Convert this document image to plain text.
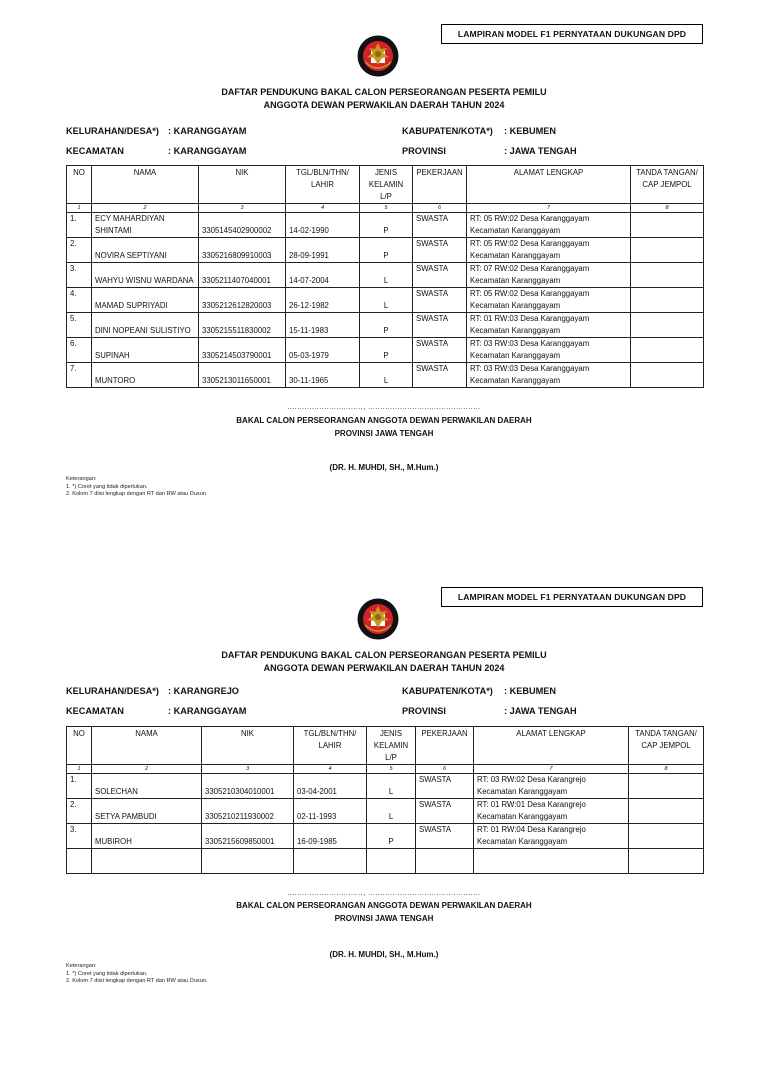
LAMPIRAN MODEL F1 PERNYATAAN DUKUNGAN DPD
DAFTAR PENDUKUNG BAKAL CALON PERSEORANGAN PESERTA PEMILU
ANGGOTA DEWAN PERWAKILAN DAERAH TAHUN 2024
KELURAHAN/DESA*) : KARANGGAYAM	KABUPATEN/KOTA*) : KEBUMEN
KECAMATAN	: KARANGGAYAM	PROVINSI	: JAWA TENGAH
NO	NAMA	NIK	TGL/BLN/THN/ LAHIR	JENIS KELAMIN L/P	PEKERJAAN	ALAMAT LENGKAP	TANDA TANGAN/ CAP JEMPOL
1	2	3	4	5	6	7	8
1.	ECY MAHARDIYAN SHINTAMI	3305145402900002	14-02-1990	P	SWASTA	RT: 05 RW:02 Desa Karanggayam
Kecamatan Karanggayam	

2.	NOVIRA SEPTIYANI	3305216809910003	28-09-1991	P	SWASTA	RT: 05 RW:02 Desa Karanggayam
Kecamatan Karanggayam	

3.	WAHYU WISNU WARDANA	3305211407040001	14-07-2004	L	SWASTA	RT: 07 RW:02 Desa Karanggayam
Kecamatan Karanggayam	

4.	MAMAD SUPRIYADI	3305212612820003	26-12-1982	L	SWASTA	RT: 05 RW:02 Desa Karanggayam
Kecamatan Karanggayam	

5.	DINI NOPEANI SULISTIYO	3305215511830002	15-11-1983	P	SWASTA	RT: 01 RW:03 Desa Karanggayam
Kecamatan Karanggayam	

6.	SUPINAH	3305214503790001	05-03-1979	P	SWASTA	RT: 03 RW:03 Desa Karanggayam
Kecamatan Karanggayam	

7.	MUNTORO	3305213011650001	30-11-1965	L	SWASTA	RT: 03 RW:03 Desa Karanggayam
Kecamatan Karanggayam	

..............................., ..............................................
BAKAL CALON PERSEORANGAN ANGGOTA DEWAN PERWAKILAN DAERAH
PROVINSI JAWA TENGAH
(DR. H. MUHDI, SH., M.Hum.)
Keterangan:
1. *) Coret yang tidak diperlukan.
2. Kolom 7 diisi lengkap dengan RT dan RW atau Dusun
LAMPIRAN MODEL F1 PERNYATAAN DUKUNGAN DPD
DAFTAR PENDUKUNG BAKAL CALON PERSEORANGAN PESERTA PEMILU
ANGGOTA DEWAN PERWAKILAN DAERAH TAHUN 2024
KELURAHAN/DESA*) : KARANGREJO	KABUPATEN/KOTA*) : KEBUMEN
KECAMATAN	: KARANGGAYAM	PROVINSI	: JAWA TENGAH
NO	NAMA	NIK	TGL/BLN/THN/ LAHIR	JENIS KELAMIN L/P	PEKERJAAN	ALAMAT LENGKAP	TANDA TANGAN/ CAP JEMPOL
1	2	3	4	5	6	7	8
1.	SOLECHAN	3305210304010001	03-04-2001	L	SWASTA	RT: 03 RW:02 Desa Karangrejo
Kecamatan Karanggayam	

2.	SETYA PAMBUDI	3305210211930002	02-11-1993	L	SWASTA	RT: 01 RW:01 Desa Karangrejo
Kecamatan Karanggayam	

3.	MUBIROH	3305215609850001	16-09-1985	P	SWASTA	RT: 01 RW:04 Desa Karangrejo
Kecamatan Karanggayam	

..............................., ..............................................
BAKAL CALON PERSEORANGAN ANGGOTA DEWAN PERWAKILAN DAERAH
PROVINSI JAWA TENGAH
(DR. H. MUHDI, SH., M.Hum.)
Keterangan:
1. *) Coret yang tidak diperlukan.
2. Kolom 7 diisi lengkap dengan RT dan RW atau Dusun.
